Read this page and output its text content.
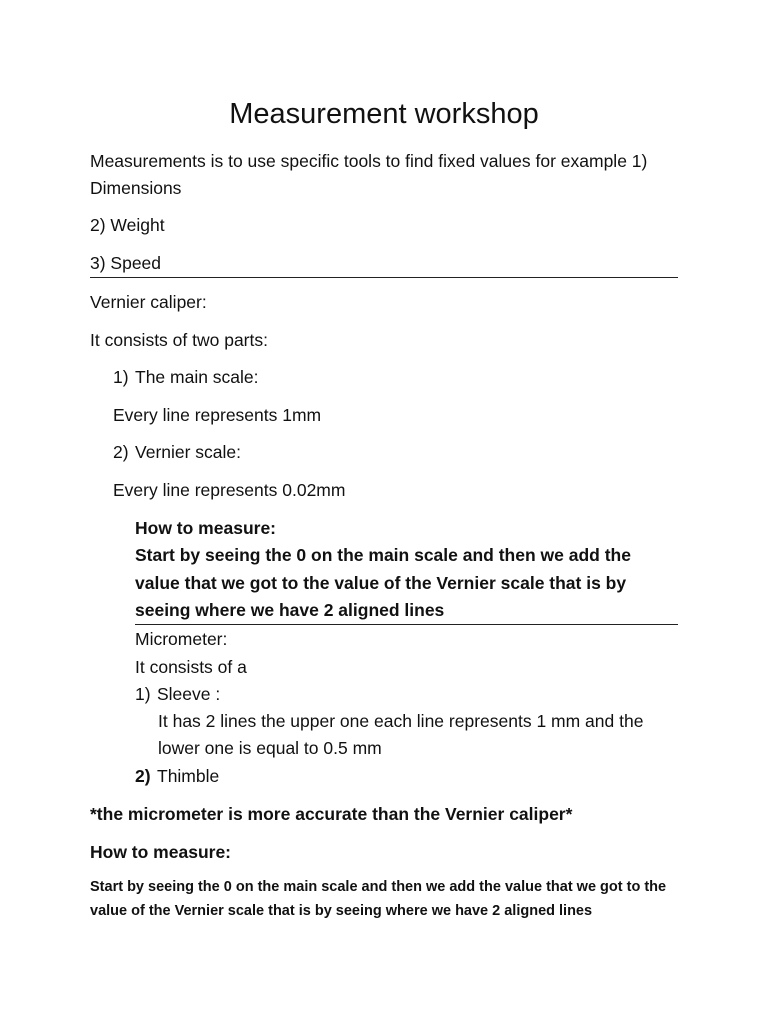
Measurement workshop
Measurements is to use specific tools to find fixed values for example 1) Dimensions
2) Weight
3) Speed
Vernier caliper:
It consists of two parts:
1) The main scale:
Every line represents 1mm
2) Vernier scale:
Every line represents 0.02mm
How to measure:
Start by seeing the 0 on the main scale and then we add the value that we got to the value of the Vernier scale that is by seeing where we have 2 aligned lines
Micrometer:
It consists of a
1) Sleeve :
It has 2 lines the upper one each line represents 1 mm and the lower one is equal to 0.5 mm
2) Thimble
*the micrometer is more accurate than the Vernier caliper*
How to measure:
Start by seeing the 0 on the main scale and then we add the value that we got to the value of the Vernier scale that is by seeing where we have 2 aligned lines
